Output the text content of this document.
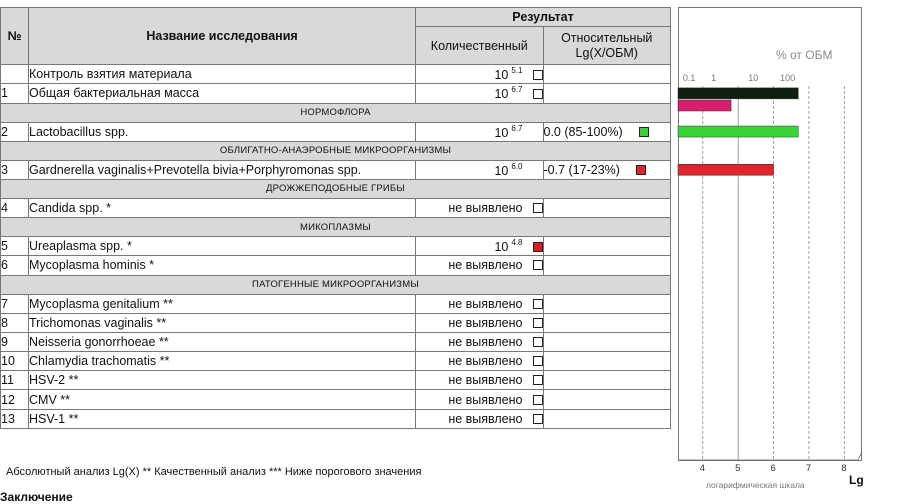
№	Название исследования	Результат	
		Количественный	Относительный
Lg(X/ОБМ)
	Контроль взятия материала	10 $^{5.1}$	
1	Общая бактериальная масса	10 $^{6.7}$	
НОРМОФЛОРА			
2	Lactobacillus spp.	10 $^{6.7}$	0.0 (85-100%)
ОБЛИГАТНО-АНАЭРОБНЫЕ МИКРООРГАНИЗМЫ			
3	Gardnerella vaginalis+Prevotella bivia+Porphyromonas spp.	10 $^{6.0}$	-0.7 (17-23%)
ДРОЖЖЕПОДОБНЫЕ ГРИБЫ			
4	Candida spp. *	не выявлено	
МИКОПЛАЗМЫ			
5	Ureaplasma spp. *	10 $^{4.8}$	
6	Mycoplasma hominis *	не выявлено	
ПАТОГЕННЫЕ МИКРООРГАНИЗМЫ			
7	Mycoplasma genitalium **	не выявлено	
8	Trichomonas vaginalis **	не выявлено	
9	Neisseria gonorrhoeae **	не выявлено	
10	Chlamydia trachomatis **	не выявлено	
11	HSV-2 **	не выявлено	
12	CMV **	не выявлено	
13	HSV-1 **	не выявлено	
Абсолютный анализ Lg(X) ** Качественный анализ *** Ниже порогового значения
Заключение
% от ОБМ
0.1 1	10 100
4	5	6	7	8
логарифмическая шкала	Lg
